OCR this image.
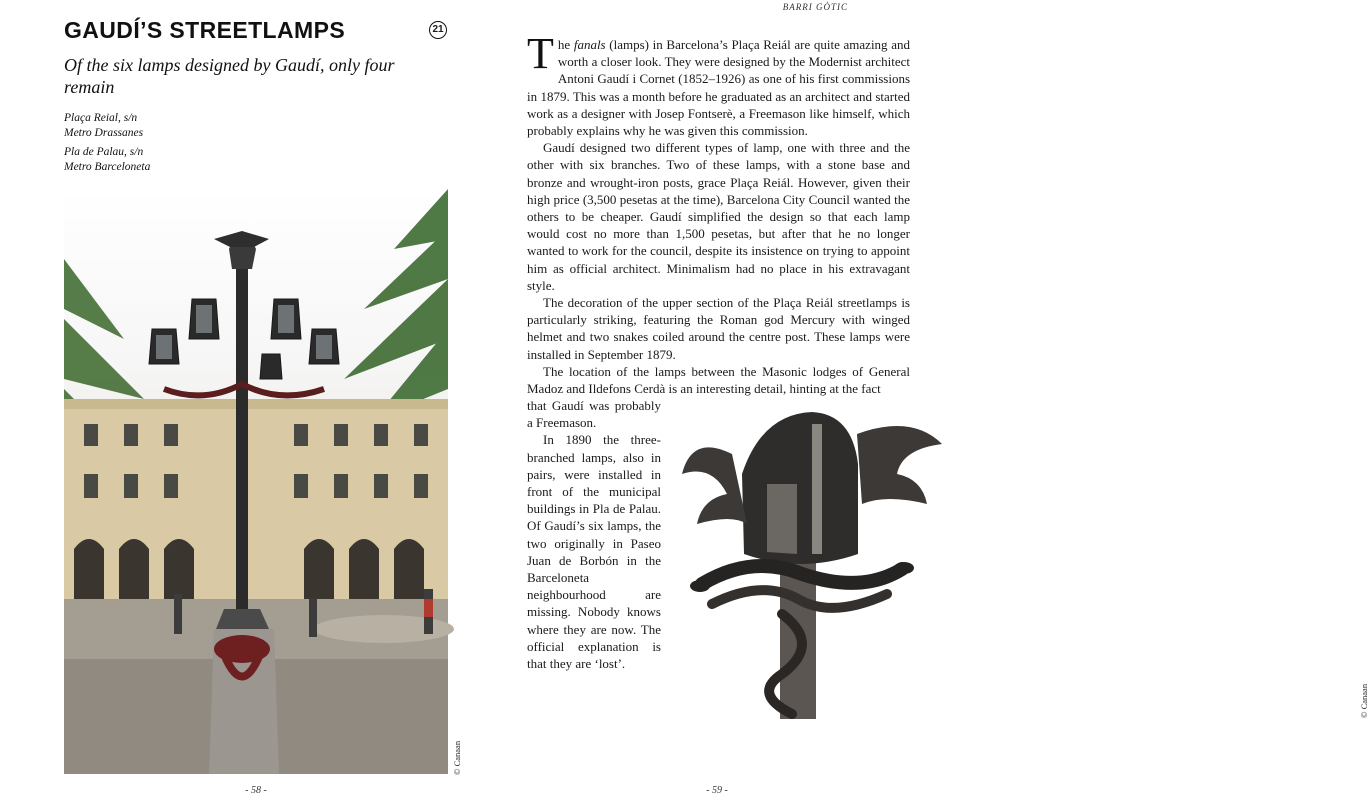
GAUDÍ’S STREETLAMPS	21

Of the six lamps designed by Gaudí, only four remain

Plaça Reial, s/n
Metro Drassanes
Pla de Palau, s/n
Metro Barceloneta
© Canaan
- 58 -
BARRI GÒTIC

The fanals (lamps) in Barcelona’s Plaça Reiál are quite amazing and worth a closer look. They were designed by the Modernist architect Antoni Gaudí i Cornet (1852–1926) as one of his first commissions in 1879. This was a month before he graduated as an architect and started work as a designer with Josep Fontserè, a Freemason like himself, which probably explains why he was given this commission.

Gaudí designed two different types of lamp, one with three and the other with six branches. Two of these lamps, with a stone base and bronze and wrought-iron posts, grace Plaça Reiál. However, given their high price (3,500 pesetas at the time), Barcelona City Council wanted the others to be cheaper. Gaudí simplified the design so that each lamp would cost no more than 1,500 pesetas, but after that he no longer wanted to work for the council, despite its insistence on trying to appoint him as official architect. Minimalism had no place in his extravagant style.

The decoration of the upper section of the Plaça Reiál streetlamps is particularly striking, featuring the Roman god Mercury with winged helmet and two snakes coiled around the centre post. These lamps were installed in September 1879.

The location of the lamps between the Masonic lodges of General Madoz and Ildefons Cerdà is an interesting detail, hinting at the fact

that Gaudí was probably a Freemason.

In 1890 the three-branched lamps, also in pairs, were installed in front of the municipal buildings in Pla de Palau. Of Gaudí’s six lamps, the two originally in Paseo Juan de Borbón in the Barceloneta neighbourhood are missing. Nobody knows where they are now. The official explanation is that they are ‘lost’.

© Canaan
- 59 -
